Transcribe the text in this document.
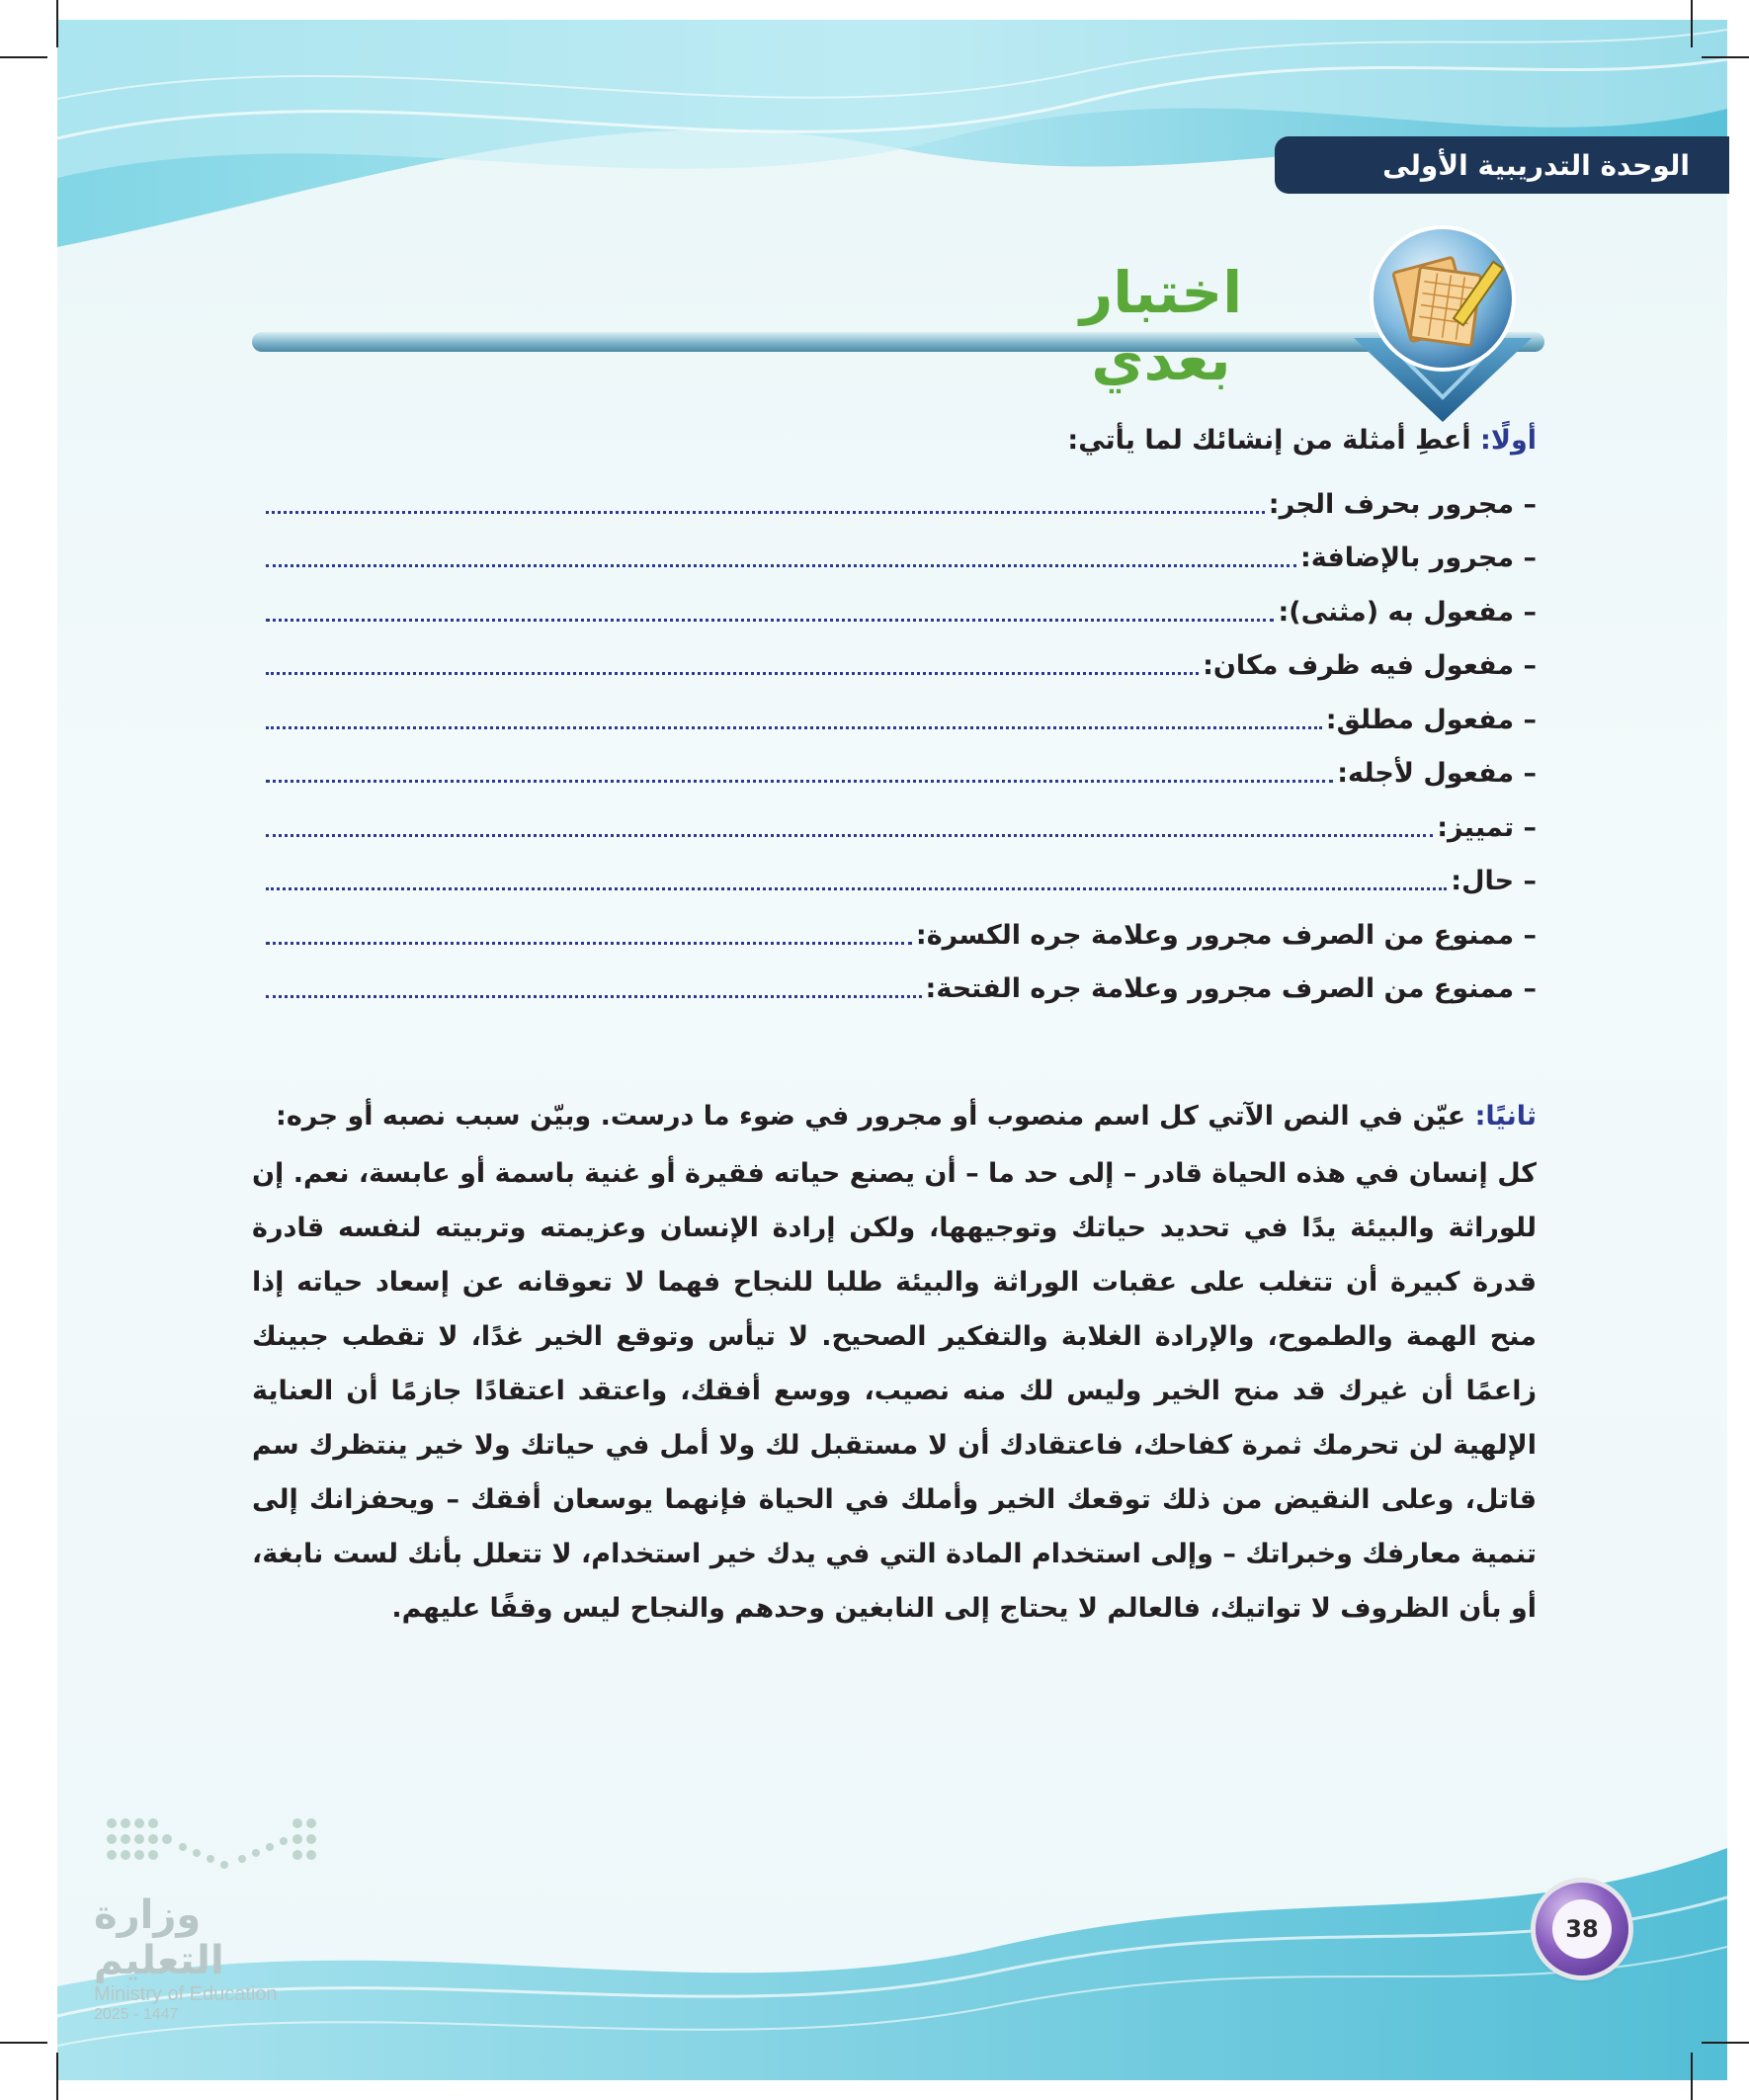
الوحدة التدريبية الأولى
اختبار بعدي
أولًا: أعطِ أمثلة من إنشائك لما يأتي:
– مجرور بحرف الجر:
– مجرور بالإضافة:
– مفعول به (مثنى):
– مفعول فيه ظرف مكان:
– مفعول مطلق:
– مفعول لأجله:
– تمييز:
– حال:
– ممنوع من الصرف مجرور وعلامة جره الكسرة:
– ممنوع من الصرف مجرور وعلامة جره الفتحة:
ثانيًا: عيّن في النص الآتي كل اسم منصوب أو مجرور في ضوء ما درست. وبيّن سبب نصبه أو جره:

كل إنسان في هذه الحياة قادر – إلى حد ما – أن يصنع حياته فقيرة أو غنية باسمة أو عابسة، نعم. إن للوراثة والبيئة يدًا في تحديد حياتك وتوجيهها، ولكن إرادة الإنسان وعزيمته وتربيته لنفسه قادرة قدرة كبيرة أن تتغلب على عقبات الوراثة والبيئة طلبا للنجاح فهما لا تعوقانه عن إسعاد حياته إذا منح الهمة والطموح، والإرادة الغلابة والتفكير الصحيح. لا تيأس وتوقع الخير غدًا، لا تقطب جبينك زاعمًا أن غيرك قد منح الخير وليس لك منه نصيب، ووسع أفقك، واعتقد اعتقادًا جازمًا أن العناية الإلهية لن تحرمك ثمرة كفاحك، فاعتقادك أن لا مستقبل لك ولا أمل في حياتك ولا خير ينتظرك سم قاتل، وعلى النقيض من ذلك توقعك الخير وأملك في الحياة فإنهما يوسعان أفقك – ويحفزانك إلى تنمية معارفك وخبراتك – وإلى استخدام المادة التي في يدك خير استخدام، لا تتعلل بأنك لست نابغة، أو بأن الظروف لا تواتيك، فالعالم لا يحتاج إلى النابغين وحدهم والنجاح ليس وقفًا عليهم.

وزارة التعليم
Ministry of Education
2025 - 1447
38
